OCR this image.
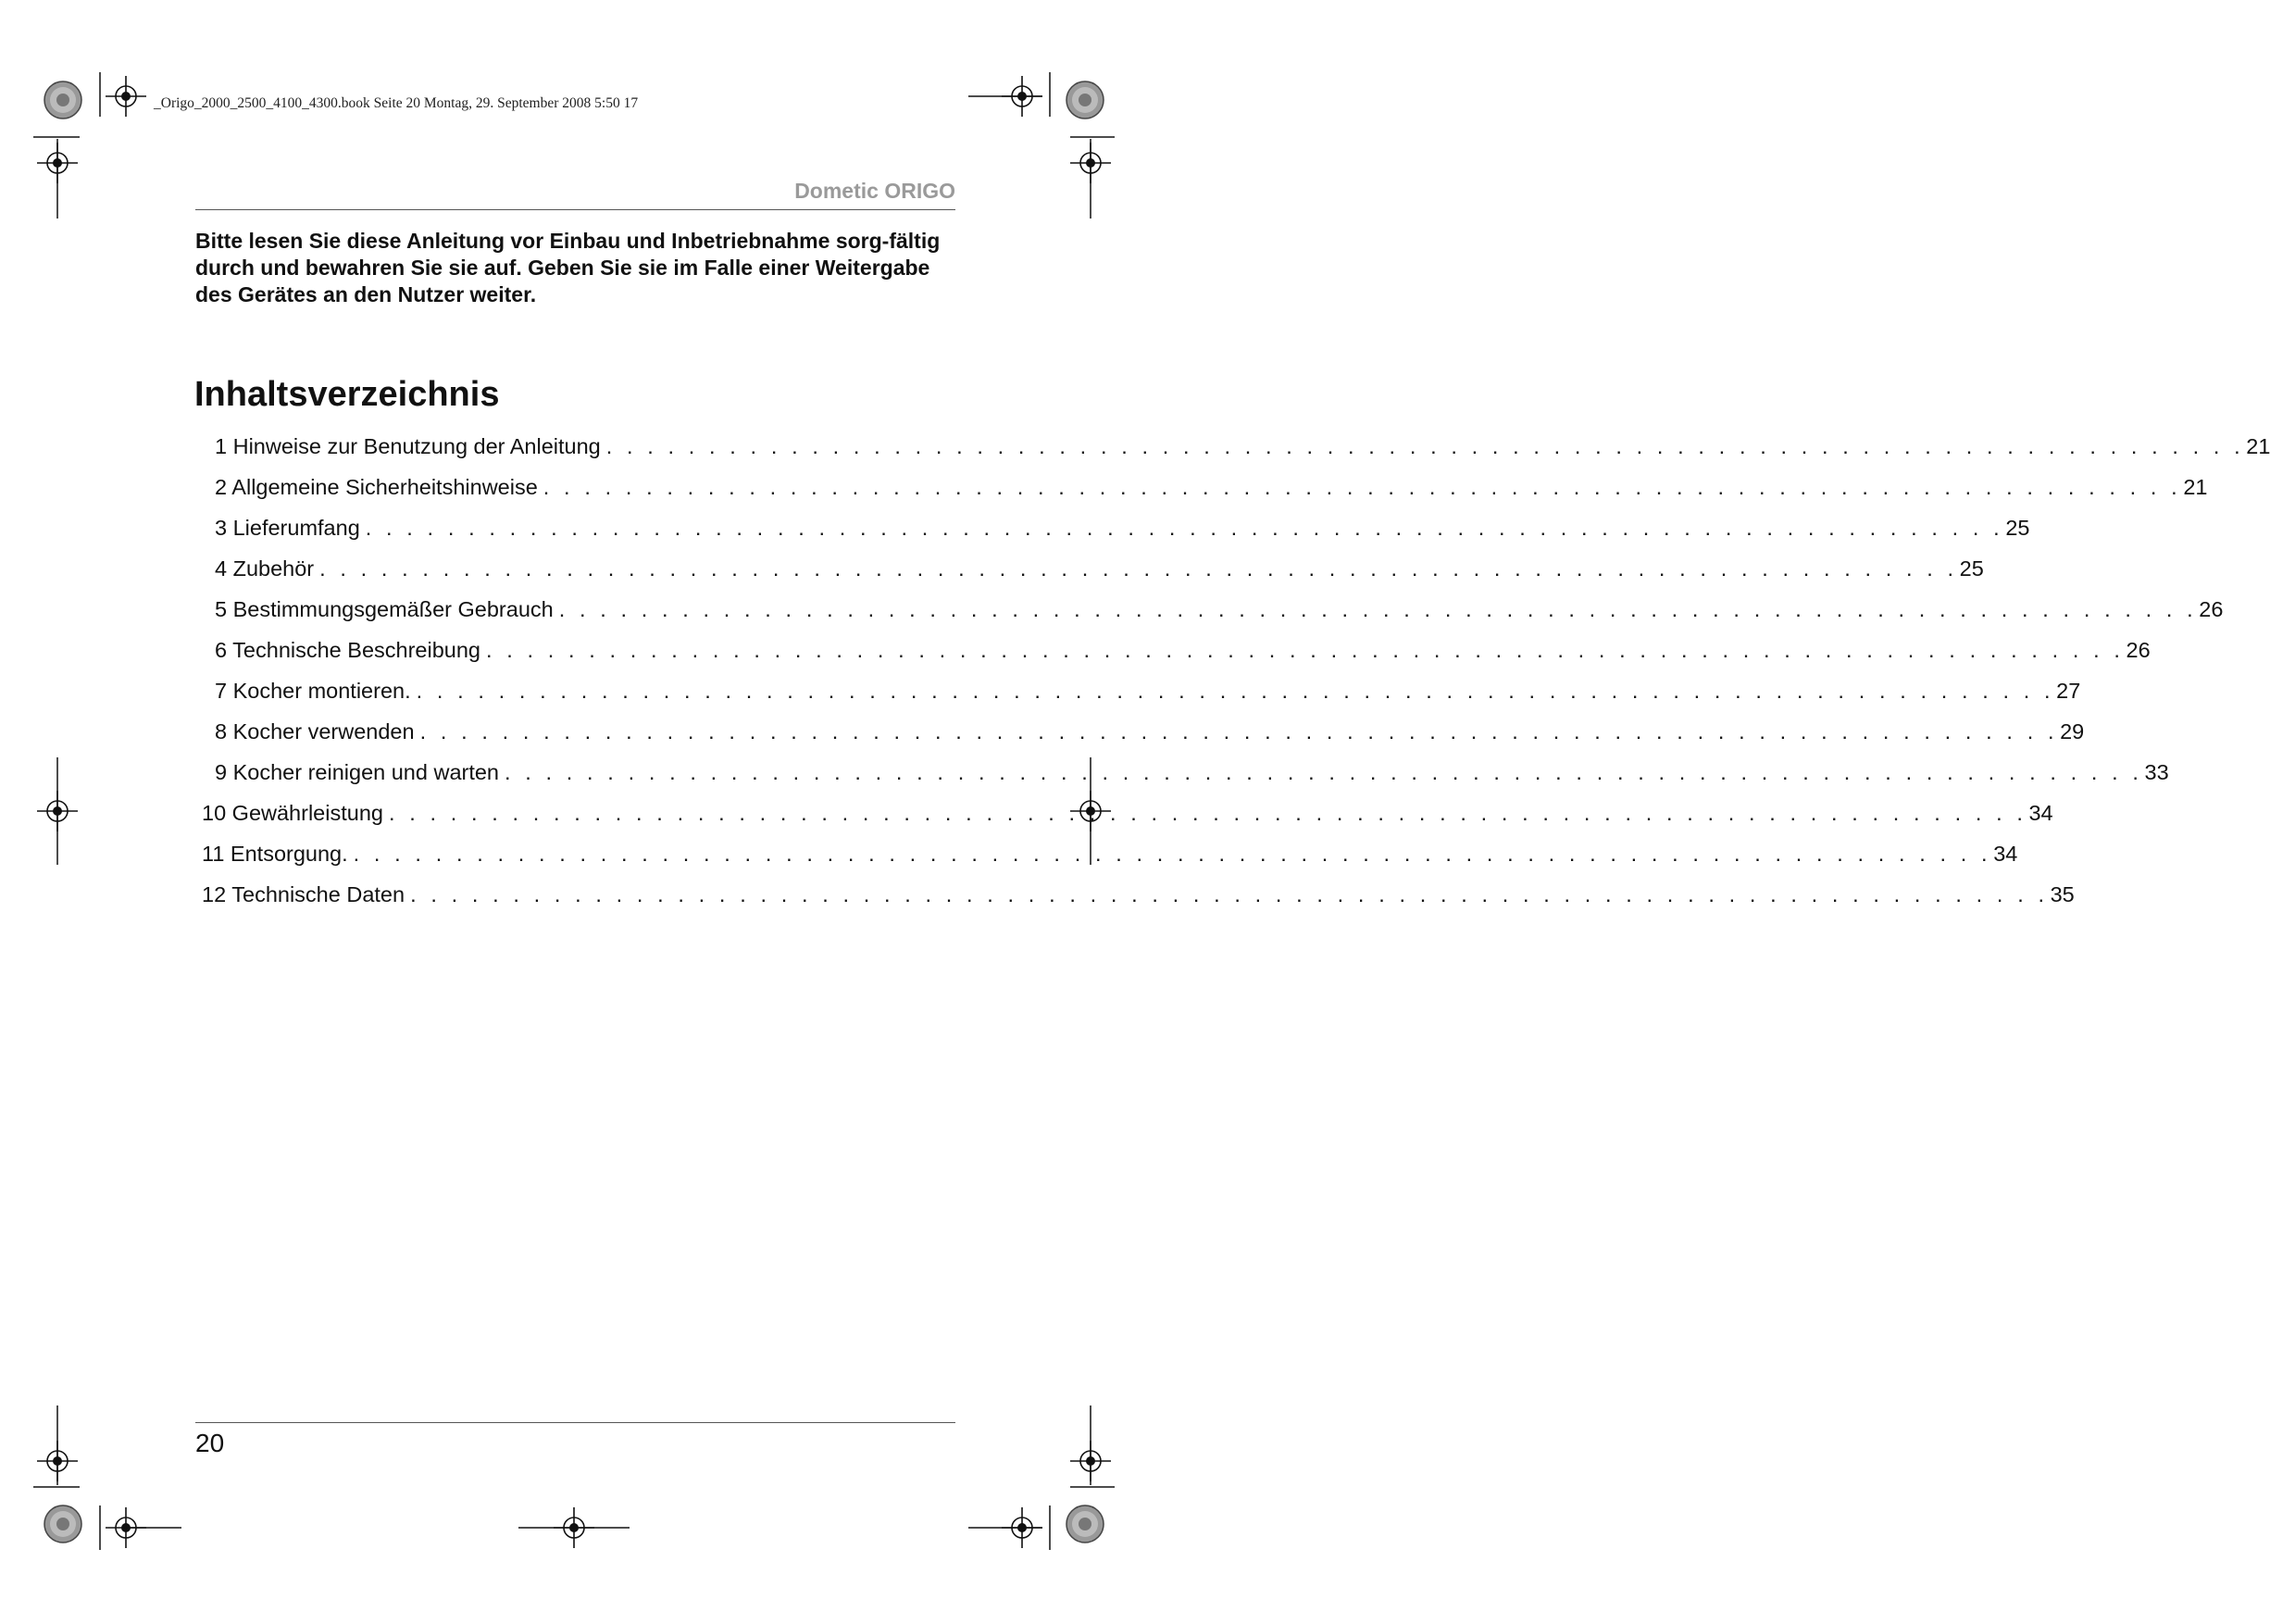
_Origo_2000_2500_4100_4300.book Seite 20 Montag, 29. September 2008 5:50 17
Dometic ORIGO

Bitte lesen Sie diese Anleitung vor Einbau und Inbetriebnahme sorg-fältig durch und bewahren Sie sie auf. Geben Sie sie im Falle einer Weitergabe des Gerätes an den Nutzer weiter.

Inhaltsverzeichnis
1 Hinweise zur Benutzung der Anleitung . . . . . . . . . . . . . . . . . . . . . . . . . . . . . . . . . . . . . . . . . . . . . . . . . . . . . . . . . . . . . . . . . . . . . . . . . . . . . . . . 21
2 Allgemeine Sicherheitshinweise . . . . . . . . . . . . . . . . . . . . . . . . . . . . . . . . . . . . . . . . . . . . . . . . . . . . . . . . . . . . . . . . . . . . . . . . . . . . . . . . 21
3 Lieferumfang . . . . . . . . . . . . . . . . . . . . . . . . . . . . . . . . . . . . . . . . . . . . . . . . . . . . . . . . . . . . . . . . . . . . . . . . . . . . . . . . 25
4 Zubehör . . . . . . . . . . . . . . . . . . . . . . . . . . . . . . . . . . . . . . . . . . . . . . . . . . . . . . . . . . . . . . . . . . . . . . . . . . . . . . . . 25
5 Bestimmungsgemäßer Gebrauch . . . . . . . . . . . . . . . . . . . . . . . . . . . . . . . . . . . . . . . . . . . . . . . . . . . . . . . . . . . . . . . . . . . . . . . . . . . . . . . . 26
6 Technische Beschreibung . . . . . . . . . . . . . . . . . . . . . . . . . . . . . . . . . . . . . . . . . . . . . . . . . . . . . . . . . . . . . . . . . . . . . . . . . . . . . . . . 26
7 Kocher montieren. . . . . . . . . . . . . . . . . . . . . . . . . . . . . . . . . . . . . . . . . . . . . . . . . . . . . . . . . . . . . . . . . . . . . . . . . . . . . . . . . 27
8 Kocher verwenden . . . . . . . . . . . . . . . . . . . . . . . . . . . . . . . . . . . . . . . . . . . . . . . . . . . . . . . . . . . . . . . . . . . . . . . . . . . . . . . . 29
9 Kocher reinigen und warten . . . . . . . . . . . . . . . . . . . . . . . . . . . . . . . . . . . . . . . . . . . . . . . . . . . . . . . . . . . . . . . . . . . . . . . . . . . . . . . . 33
10 Gewährleistung . . . . . . . . . . . . . . . . . . . . . . . . . . . . . . . . . . . . . . . . . . . . . . . . . . . . . . . . . . . . . . . . . . . . . . . . . . . . . . . . 34
11 Entsorgung. . . . . . . . . . . . . . . . . . . . . . . . . . . . . . . . . . . . . . . . . . . . . . . . . . . . . . . . . . . . . . . . . . . . . . . . . . . . . . . . . 34
12 Technische Daten . . . . . . . . . . . . . . . . . . . . . . . . . . . . . . . . . . . . . . . . . . . . . . . . . . . . . . . . . . . . . . . . . . . . . . . . . . . . . . . . 35
20
